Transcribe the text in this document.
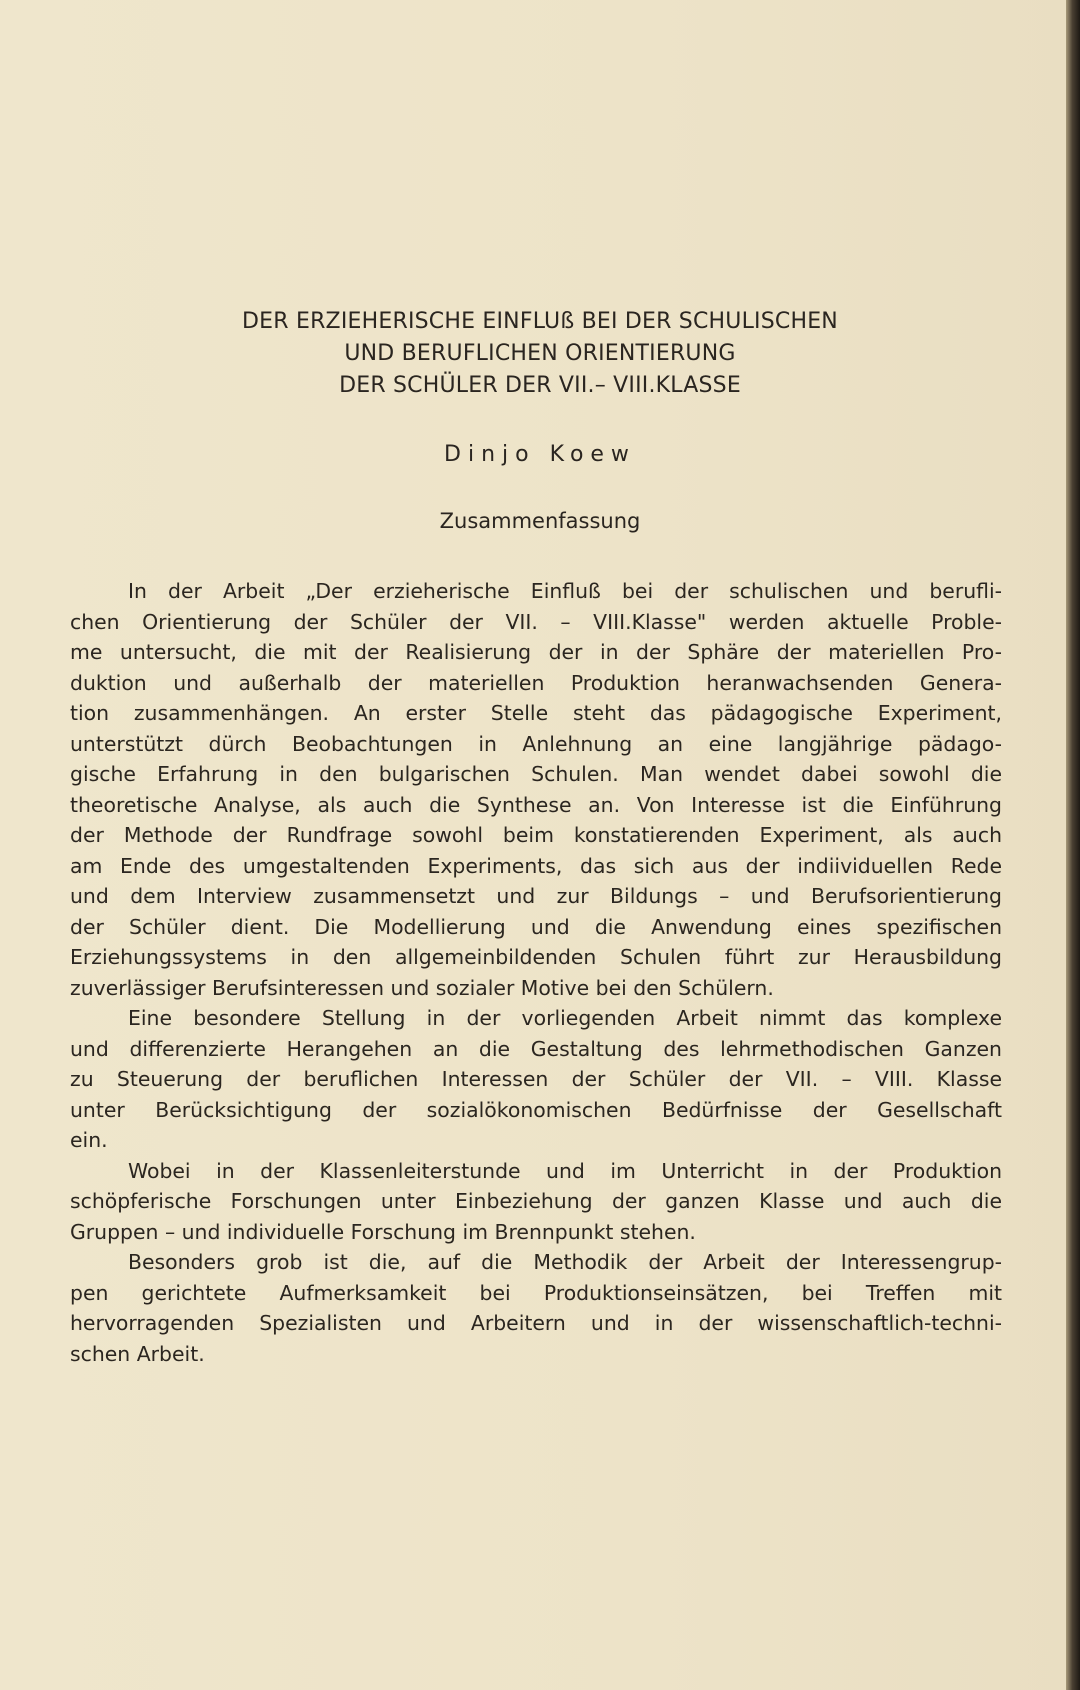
DER ERZIEHERISCHE EINFLUß BEI DER SCHULISCHEN
UND BERUFLICHEN ORIENTIERUNG
DER SCHÜLER DER VII.– VIII.KLASSE
Dinjo Koew
Zusammenfassung
In der Arbeit „Der erzieherische Einfluß bei der schulischen und berufli-
chen Orientierung der Schüler der VII. – VIII.Klasse" werden aktuelle Proble-
me untersucht, die mit der Realisierung der in der Sphäre der materiellen Pro-
duktion und außerhalb der materiellen Produktion heranwachsenden Genera-
tion zusammenhängen. An erster Stelle steht das pädagogische Experiment,
unterstützt dürch Beobachtungen in Anlehnung an eine langjährige pädago-
gische Erfahrung in den bulgarischen Schulen. Man wendet dabei sowohl die
theoretische Analyse, als auch die Synthese an. Von Interesse ist die Einführung
der Methode der Rundfrage sowohl beim konstatierenden Experiment, als auch
am Ende des umgestaltenden Experiments, das sich aus der indiividuellen Rede
und dem Interview zusammensetzt und zur Bildungs – und Berufsorientierung
der Schüler dient. Die Modellierung und die Anwendung eines spezifischen
Erziehungssystems in den allgemeinbildenden Schulen führt zur Herausbildung
zuverlässiger Berufsinteressen und sozialer Motive bei den Schülern.
Eine besondere Stellung in der vorliegenden Arbeit nimmt das komplexe
und differenzierte Herangehen an die Gestaltung des lehrmethodischen Ganzen
zu Steuerung der beruflichen Interessen der Schüler der VII. – VIII. Klasse
unter Berücksichtigung der sozialökonomischen Bedürfnisse der Gesellschaft
ein.
Wobei in der Klassenleiterstunde und im Unterricht in der Produktion
schöpferische Forschungen unter Einbeziehung der ganzen Klasse und auch die
Gruppen – und individuelle Forschung im Brennpunkt stehen.
Besonders grob ist die, auf die Methodik der Arbeit der Interessengrup-
pen gerichtete Aufmerksamkeit bei Produktionseinsätzen, bei Treffen mit
hervorragenden Spezialisten und Arbeitern und in der wissenschaftlich-techni-
schen Arbeit.
